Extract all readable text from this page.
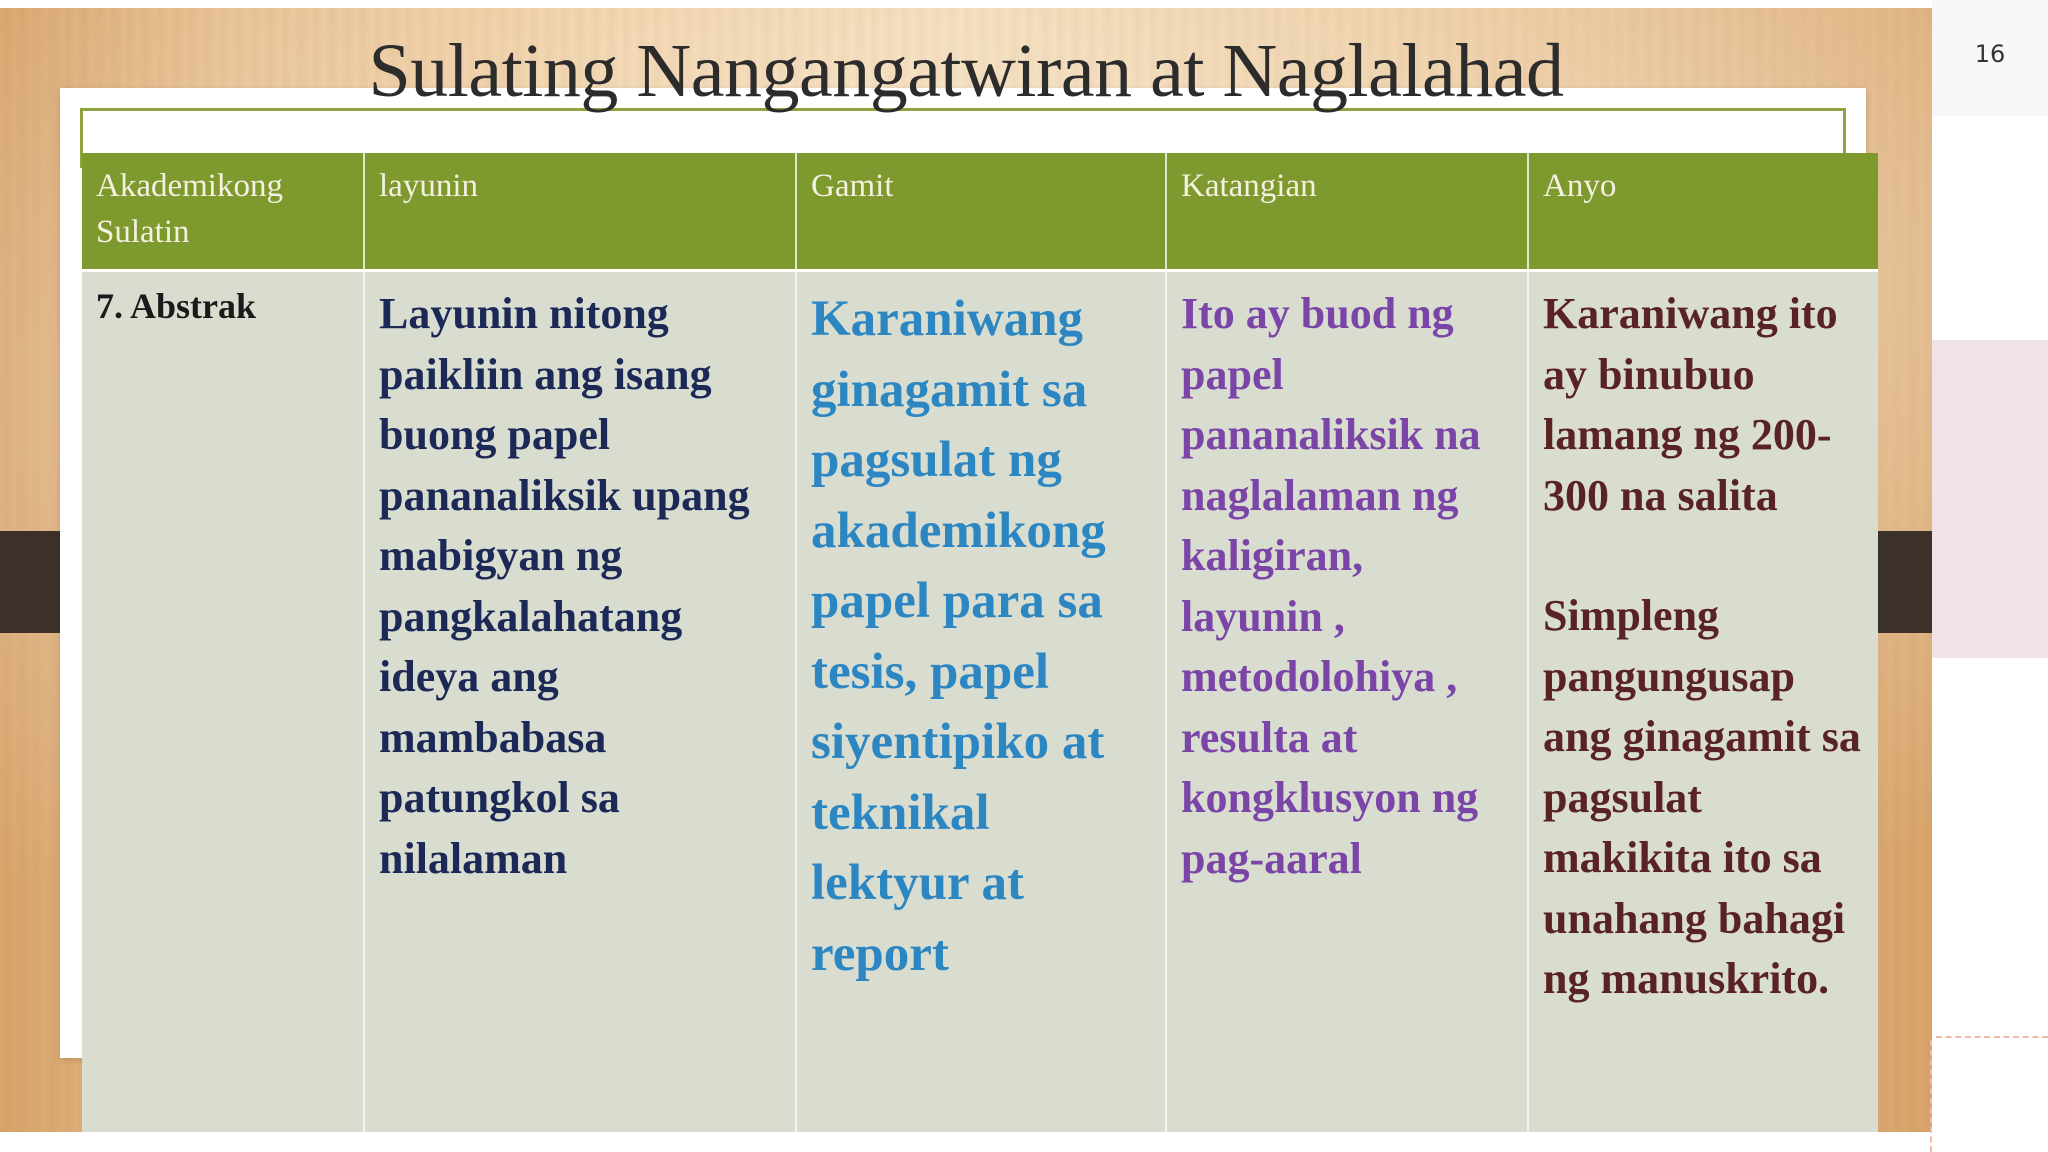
Sulating Nangangatwiran at Naglalahad
Akademikong Sulatin	layunin	Gamit	Katangian	Anyo
7. Abstrak	Layunin nitong paikliin ang isang buong papel pananaliksik upang mabigyan ng pangkalahatang ideya ang mambabasa patungkol sa nilalaman	Karaniwang ginagamit sa pagsulat ng akademikong papel para sa tesis, papel siyentipiko at teknikal lektyur at report	Ito ay buod ng papel pananaliksik na naglalaman ng kaligiran, layunin , metodolohiya , resulta at kongklusyon ng pag-aaral	Karaniwang ito ay binubuo lamang ng 200-300 na salita
Simpleng pangungusap ang ginagamit sa pagsulat makikita ito sa unahang bahagi ng manuskrito.
16
